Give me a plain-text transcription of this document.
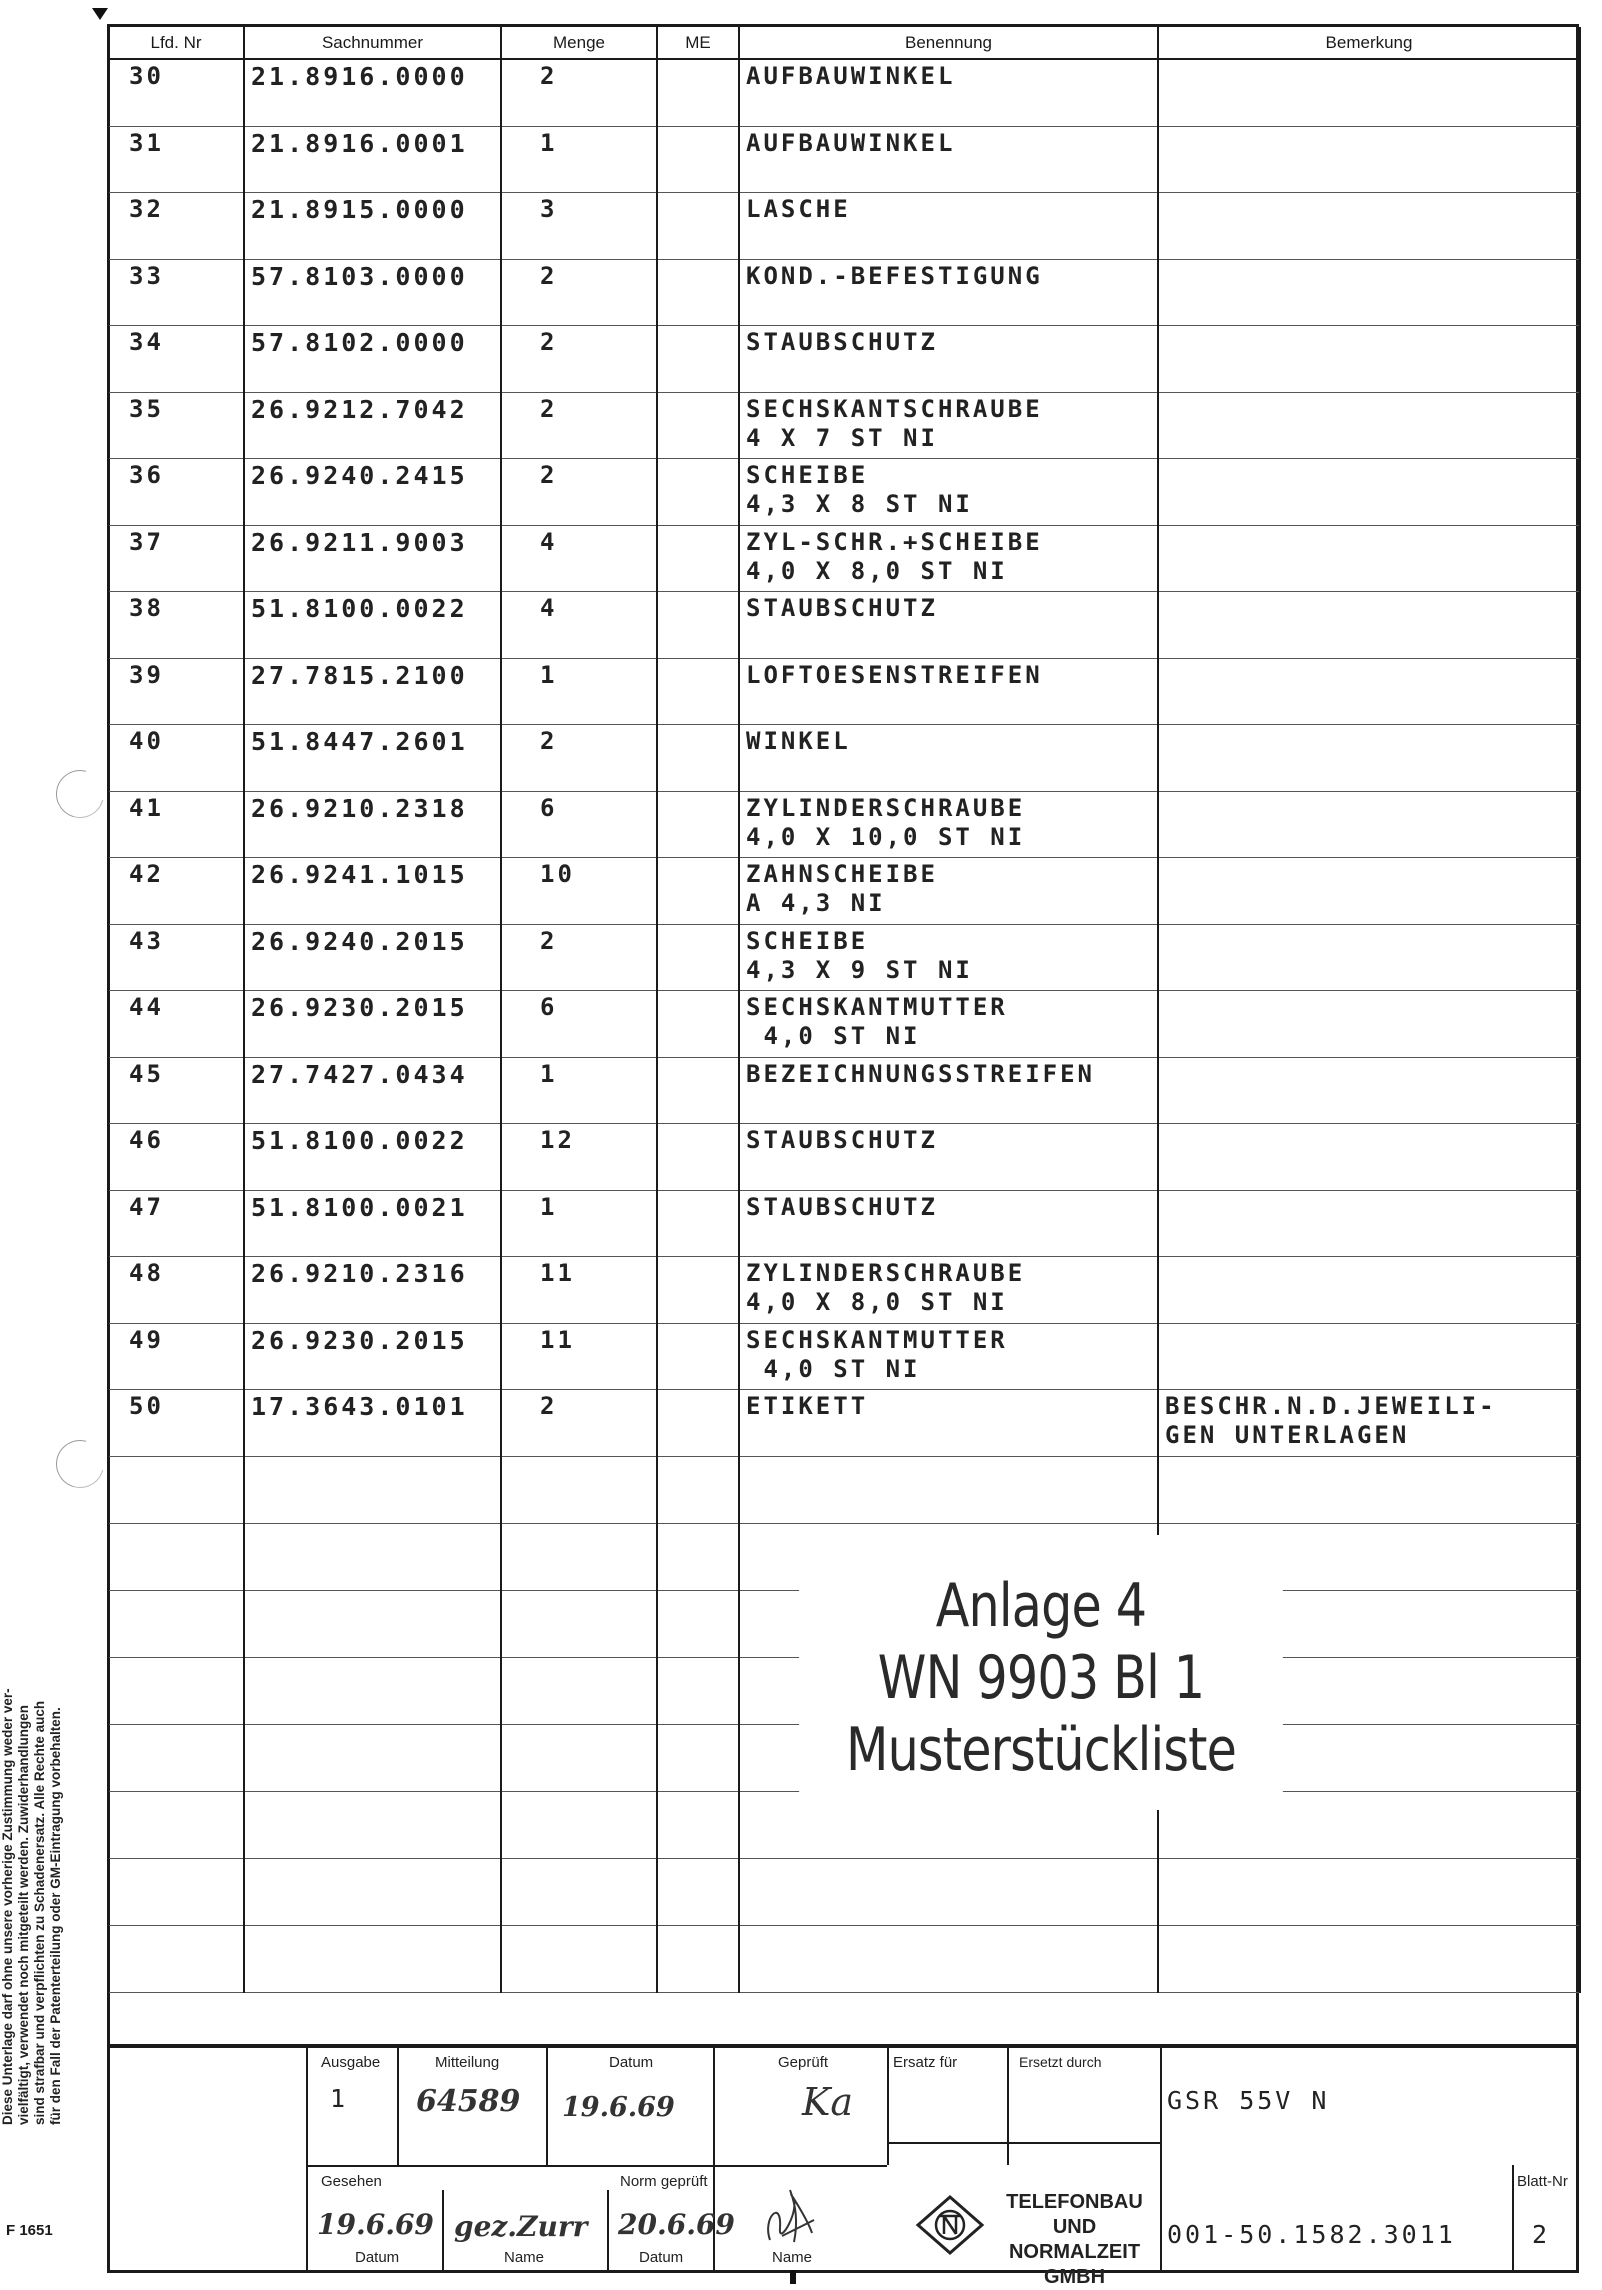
Diese Unterlage darf ohne unsere vorherige Zustimmung weder ver- vielfältigt, verwendet noch mitgeteilt werden. Zuwiderhandlungen sind strafbar und verpflichten zu Schadenersatz. Alle Rechte auch für den Fall der Patenterteilung oder GM-Eintragung vorbehalten.
F 1651
Lfd. Nr	Sachnummer	Menge	ME	Benennung	Bemerkung
30	21.8916.0000	2		AUFBAUWINKEL

31	21.8916.0001	1		AUFBAUWINKEL

32	21.8915.0000	3		LASCHE

33	57.8103.0000	2		KOND.-BEFESTIGUNG

34	57.8102.0000	2		STAUBSCHUTZ

35	26.9212.7042	2		SECHSKANTSCHRAUBE
4 X 7 ST NI	

36	26.9240.2415	2		SCHEIBE
4,3 X 8 ST NI	

37	26.9211.9003	4		ZYL-SCHR.+SCHEIBE
4,0 X 8,0 ST NI	

38	51.8100.0022	4		STAUBSCHUTZ

39	27.7815.2100	1		LOFTOESENSTREIFEN

40	51.8447.2601	2		WINKEL

41	26.9210.2318	6		ZYLINDERSCHRAUBE
4,0 X 10,0 ST NI	

42	26.9241.1015	10		ZAHNSCHEIBE
A 4,3 NI	

43	26.9240.2015	2		SCHEIBE
4,3 X 9 ST NI	

44	26.9230.2015	6		SECHSKANTMUTTER
4,0 ST NI	

45	27.7427.0434	1		BEZEICHNUNGSSTREIFEN

46	51.8100.0022	12		STAUBSCHUTZ

47	51.8100.0021	1		STAUBSCHUTZ

48	26.9210.2316	11		ZYLINDERSCHRAUBE
4,0 X 8,0 ST NI	

49	26.9230.2015	11		SECHSKANTMUTTER
4,0 ST NI	

50	17.3643.0101	2		ETIKETT	BESCHR.N.D.JEWEILI-
GEN UNTERLAGEN

Anlage 4
WN 9903 Bl 1
Musterstückliste
Ausgabe
1
Mitteilung
64589
Datum
19.6.69
Geprüft
Ka
Ersatz für	Ersetzt durch
GSR 55V N
Gesehen
19.6.69
Datum
gez.Zurr
Name
Norm geprüft
20.6.69
Datum	Name
TELEFONBAU
UND
NORMALZEIT
GMBH
001-50.1582.3011
Blatt-Nr
2
